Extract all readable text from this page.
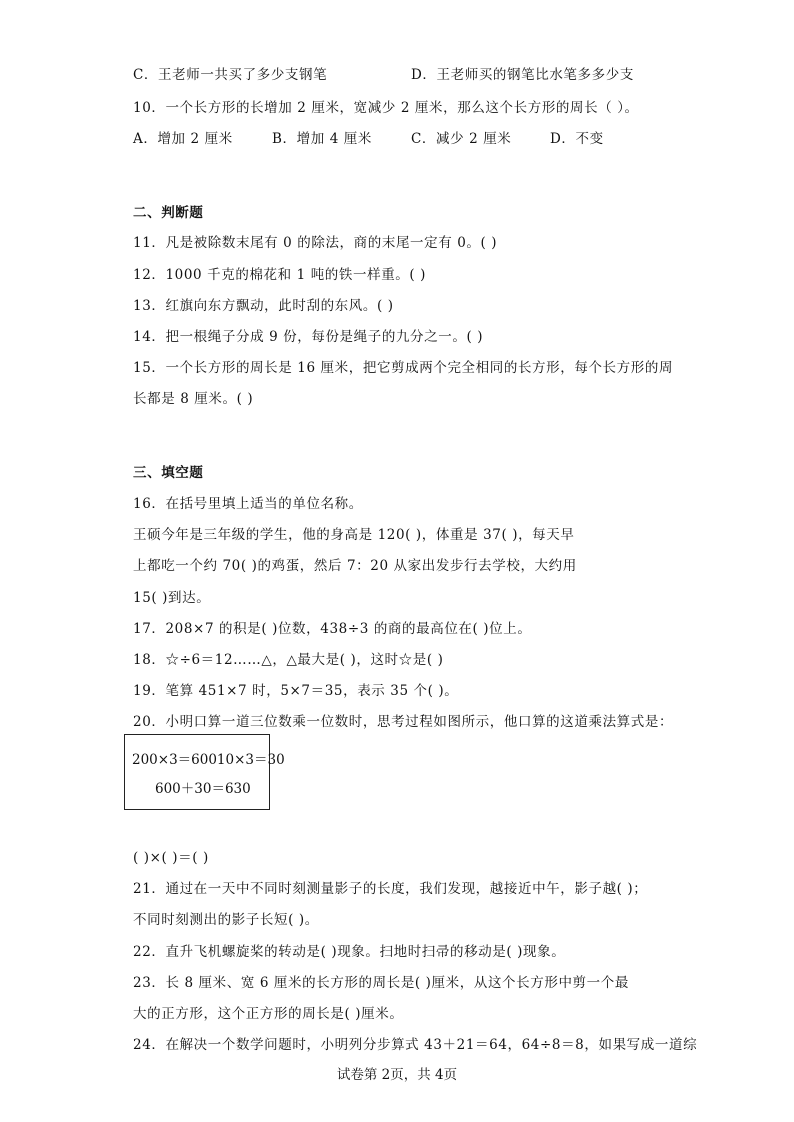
C．王老师一共买了多少支钢笔	D．王老师买的钢笔比水笔多多少支
10．一个长方形的长增加 2 厘米，宽减少 2 厘米，那么这个长方形的周长（ ）。
A．增加 2 厘米	B．增加 4 厘米	C．减少 2 厘米	D．不变
二、判断题
11．凡是被除数末尾有 0 的除法，商的末尾一定有 0。( )
12．1000 千克的棉花和 1 吨的铁一样重。( )
13．红旗向东方飘动，此时刮的东风。( )
14．把一根绳子分成 9 份，每份是绳子的九分之一。( )
15．一个长方形的周长是 16 厘米，把它剪成两个完全相同的长方形，每个长方形的周
长都是 8 厘米。( )
三、填空题
16．在括号里填上适当的单位名称。
王硕今年是三年级的学生，他的身高是 120( )，体重是 37( )，每天早
上都吃一个约 70( )的鸡蛋，然后 7：20 从家出发步行去学校，大约用
15( )到达。
17．208×7 的积是( )位数，438÷3 的商的最高位在( )位上。
18．☆÷6＝12……△，△最大是( )，这时☆是( )
19．笔算 451×7 时，5×7＝35，表示 35 个( )。
20．小明口算一道三位数乘一位数时，思考过程如图所示，他口算的这道乘法算式是：
200×3＝60010×3＝30
600＋30＝630
( )×( )＝( )
21．通过在一天中不同时刻测量影子的长度，我们发现，越接近中午，影子越( )；
不同时刻测出的影子长短( )。
22．直升飞机螺旋桨的转动是( )现象。扫地时扫帚的移动是( )现象。
23．长 8 厘米、宽 6 厘米的长方形的周长是( )厘米，从这个长方形中剪一个最
大的正方形，这个正方形的周长是( )厘米。
24．在解决一个数学问题时，小明列分步算式 43＋21＝64，64÷8＝8，如果写成一道综
试卷第 2页，共 4页
